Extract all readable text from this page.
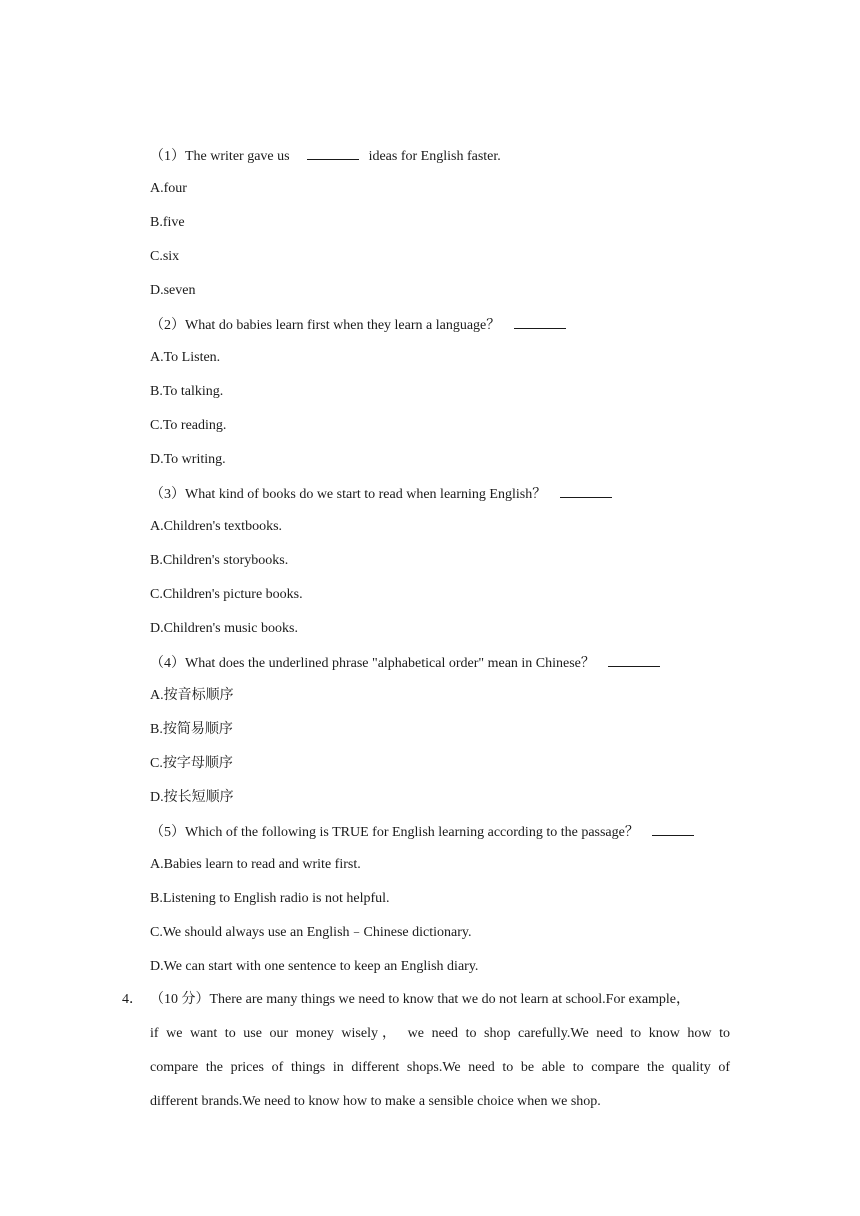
（1）The writer gave us	ideas for English faster.
A.four
B.five
C.six
D.seven
（2）What do babies learn first when they learn a language？
A.To Listen.
B.To talking.
C.To reading.
D.To writing.
（3）What kind of books do we start to read when learning English？
A.Children's textbooks.
B.Children's storybooks.
C.Children's picture books.
D.Children's music books.
（4）What does the underlined phrase "alphabetical order" mean in Chinese？
A.按音标顺序
B.按简易顺序
C.按字母顺序
D.按长短顺序
（5）Which of the following is TRUE for English learning according to the passage？
A.Babies learn to read and write first.
B.Listening to English radio is not helpful.
C.We should always use an English﹣Chinese dictionary.
D.We can start with one sentence to keep an English diary.
4． （10 分）There are many things we need to know that we do not learn at school.For example，
if we want to use our money wisely， we need to shop carefully.We need to know how to
compare the prices of things in different shops.We need to be able to compare the quality of
different brands.We need to know how to make a sensible choice when we shop.
